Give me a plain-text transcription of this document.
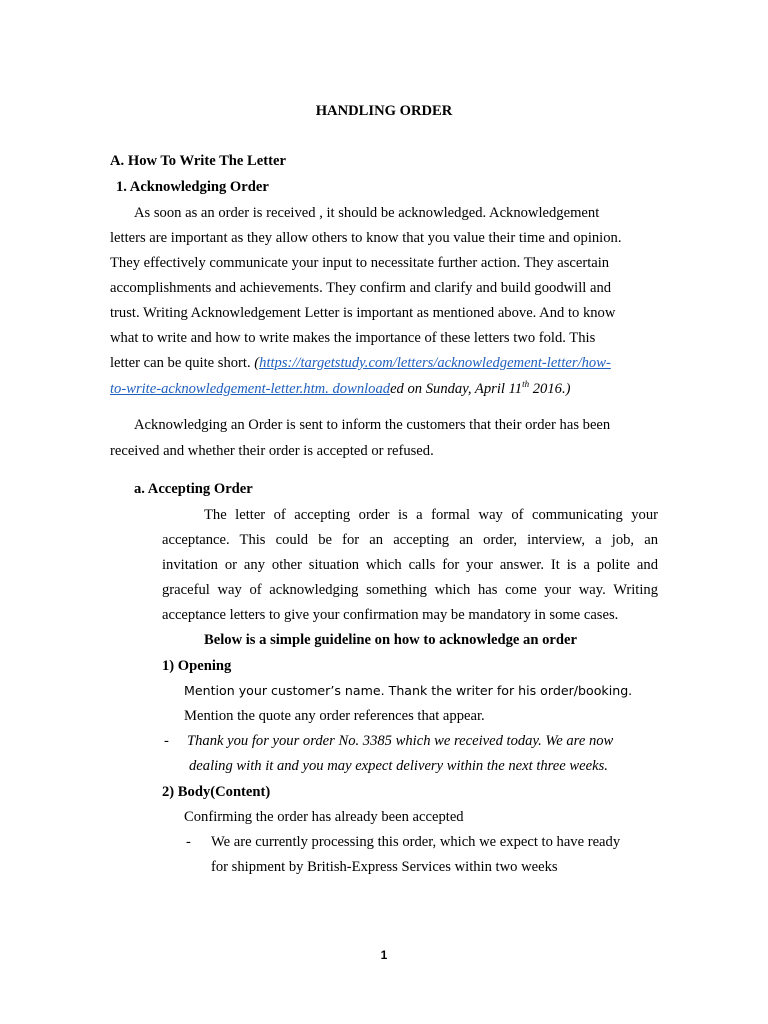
HANDLING ORDER
A. How To Write The Letter
1. Acknowledging Order
As soon as an order is received , it should be acknowledged. Acknowledgement
letters are important as they allow others to know that you value their time and opinion.
They effectively communicate your input to necessitate further action. They ascertain
accomplishments and achievements. They confirm and clarify and build goodwill and
trust. Writing Acknowledgement Letter is important as mentioned above. And to know
what to write and how to write makes the importance of these letters two fold. This
letter can be quite short. (https://targetstudy.com/letters/acknowledgement-letter/how-
to-write-acknowledgement-letter.htm. downloaded on Sunday, April 11th 2016.)
Acknowledging an Order is sent to inform the customers that their order has been
received and whether their order is accepted or refused.
a. Accepting Order
The letter of accepting order is a formal way of communicating your
acceptance. This could be for an accepting an order, interview, a job, an
invitation or any other situation which calls for your answer. It is a polite and
graceful way of acknowledging something which has come your way. Writing
acceptance letters to give your confirmation may be mandatory in some cases.
Below is a simple guideline on how to acknowledge an order
1) Opening
Mention your customer’s name. Thank the writer for his order/booking.
Mention the quote any order references that appear.
- Thank you for your order No. 3385 which we received today. We are now
dealing with it and you may expect delivery within the next three weeks.
2) Body(Content)
Confirming the order has already been accepted
- We are currently processing this order, which we expect to have ready
for shipment by British-Express Services within two weeks
1
